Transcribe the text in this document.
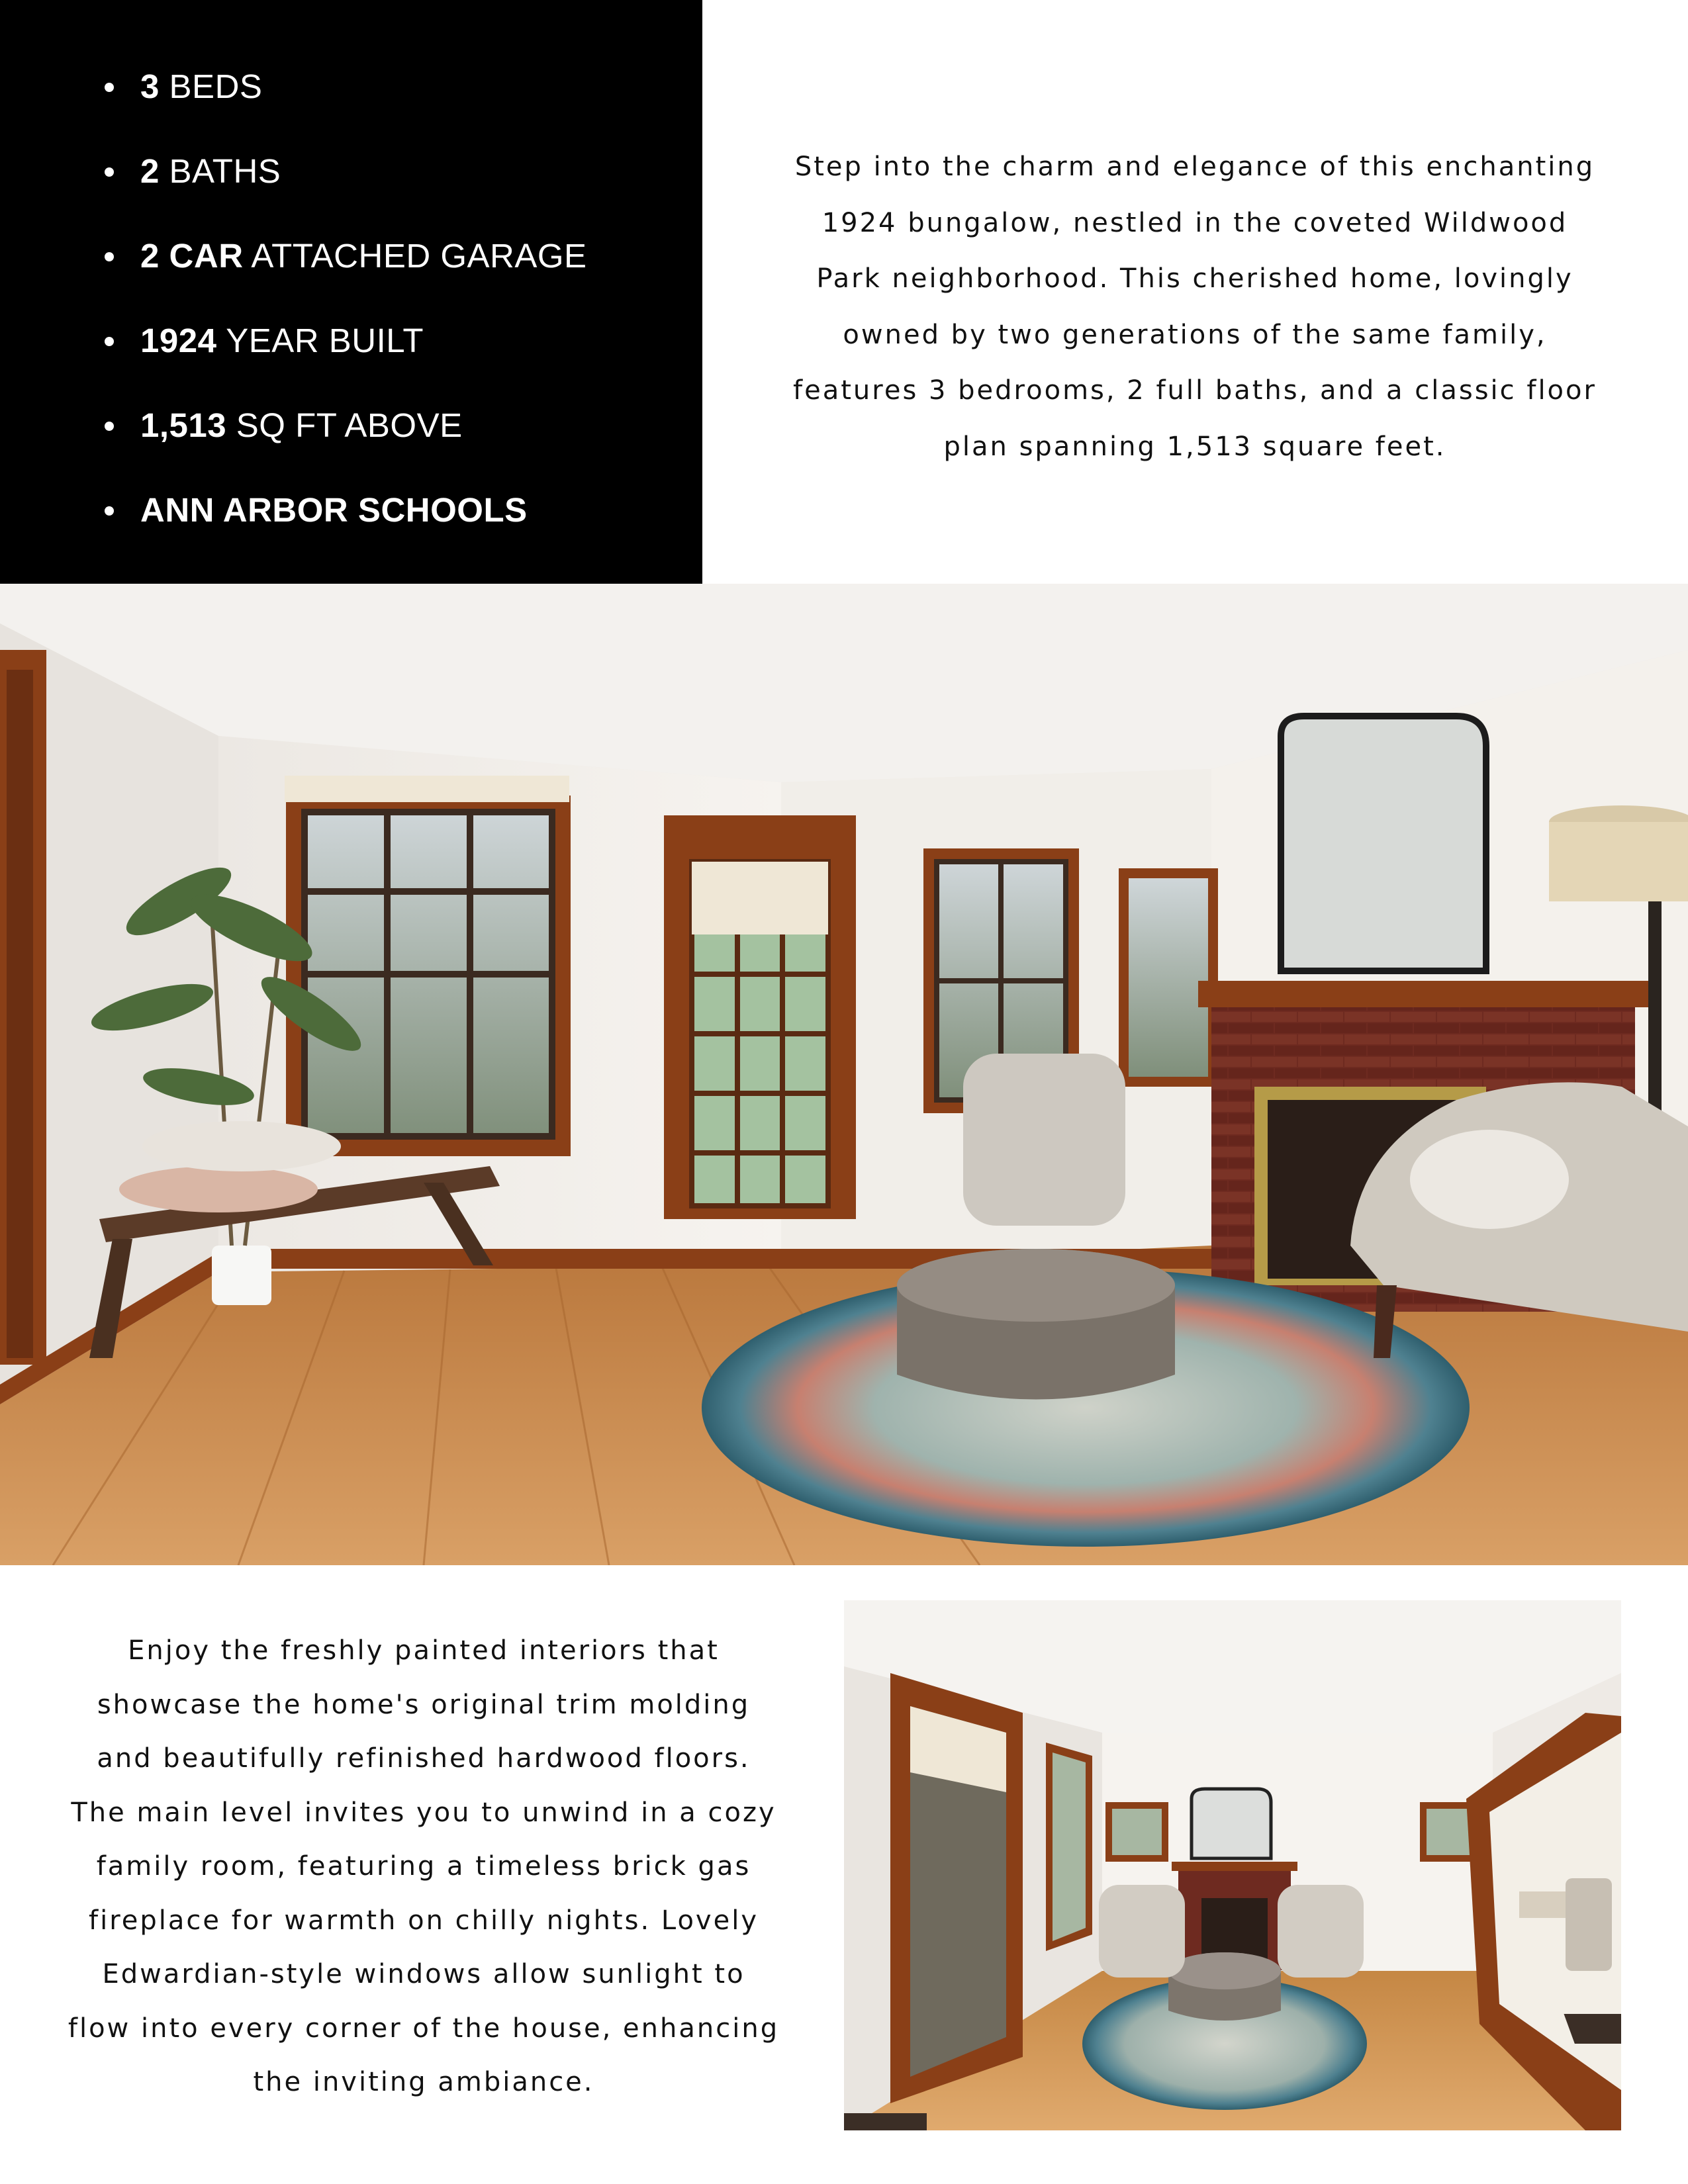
3 BEDS
2 BATHS
2 CAR ATTACHED GARAGE
1924 YEAR BUILT
1,513 SQ FT ABOVE
ANN ARBOR SCHOOLS

Step into the charm and elegance of this enchanting
1924 bungalow, nestled in the coveted Wildwood
Park neighborhood. This cherished home, lovingly
owned by two generations of the same family,
features 3 bedrooms, 2 full baths, and a classic floor
plan spanning 1,513 square feet.

Enjoy the freshly painted interiors that
showcase the home's original trim molding
and beautifully refinished hardwood floors.
The main level invites you to unwind in a cozy
family room, featuring a timeless brick gas
fireplace for warmth on chilly nights. Lovely
Edwardian-style windows allow sunlight to
flow into every corner of the house, enhancing
the inviting ambiance.
